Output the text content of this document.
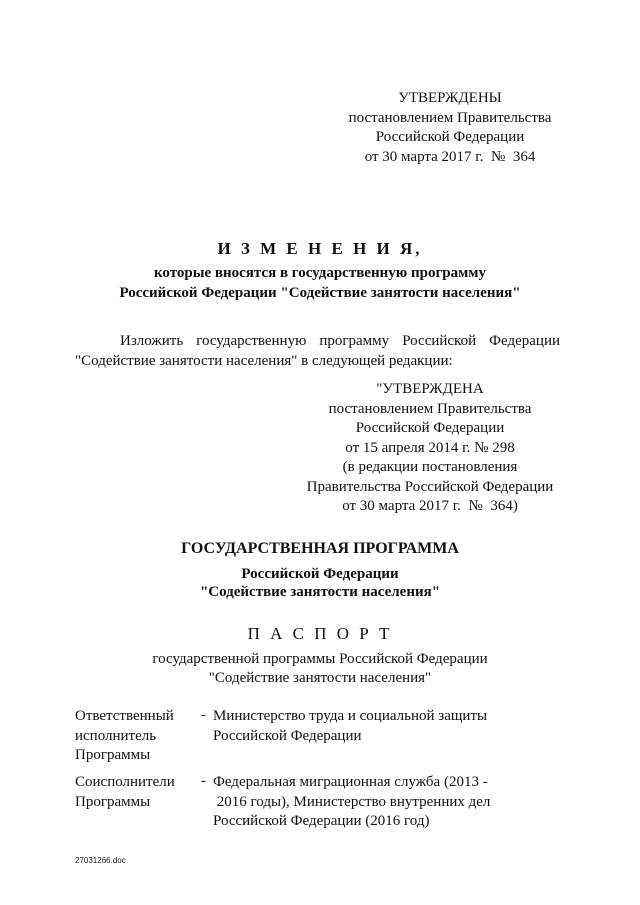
УТВЕРЖДЕНЫ
постановлением Правительства
Российской Федерации
от 30 марта 2017 г.  №  364
И З М Е Н Е Н И Я,
которые вносятся в государственную программу
Российской Федерации "Содействие занятости населения"
Изложить государственную программу Российской Федерации
"Содействие занятости населения" в следующей редакции:
"УТВЕРЖДЕНА
постановлением Правительства
Российской Федерации
от 15 апреля 2014 г. № 298
(в редакции постановления
Правительства Российской Федерации
от 30 марта 2017 г.  №  364)
ГОСУДАРСТВЕННАЯ ПРОГРАММА
Российской Федерации
"Содействие занятости населения"
П А С П О Р Т
государственной программы Российской Федерации
"Содействие занятости населения"
Ответственный
исполнитель
Программы
- Министерство труда и социальной защиты
Российской Федерации
Соисполнители
Программы
- Федеральная миграционная служба (2013 -
2016 годы), Министерство внутренних дел
Российской Федерации (2016 год)
27031266.doc
